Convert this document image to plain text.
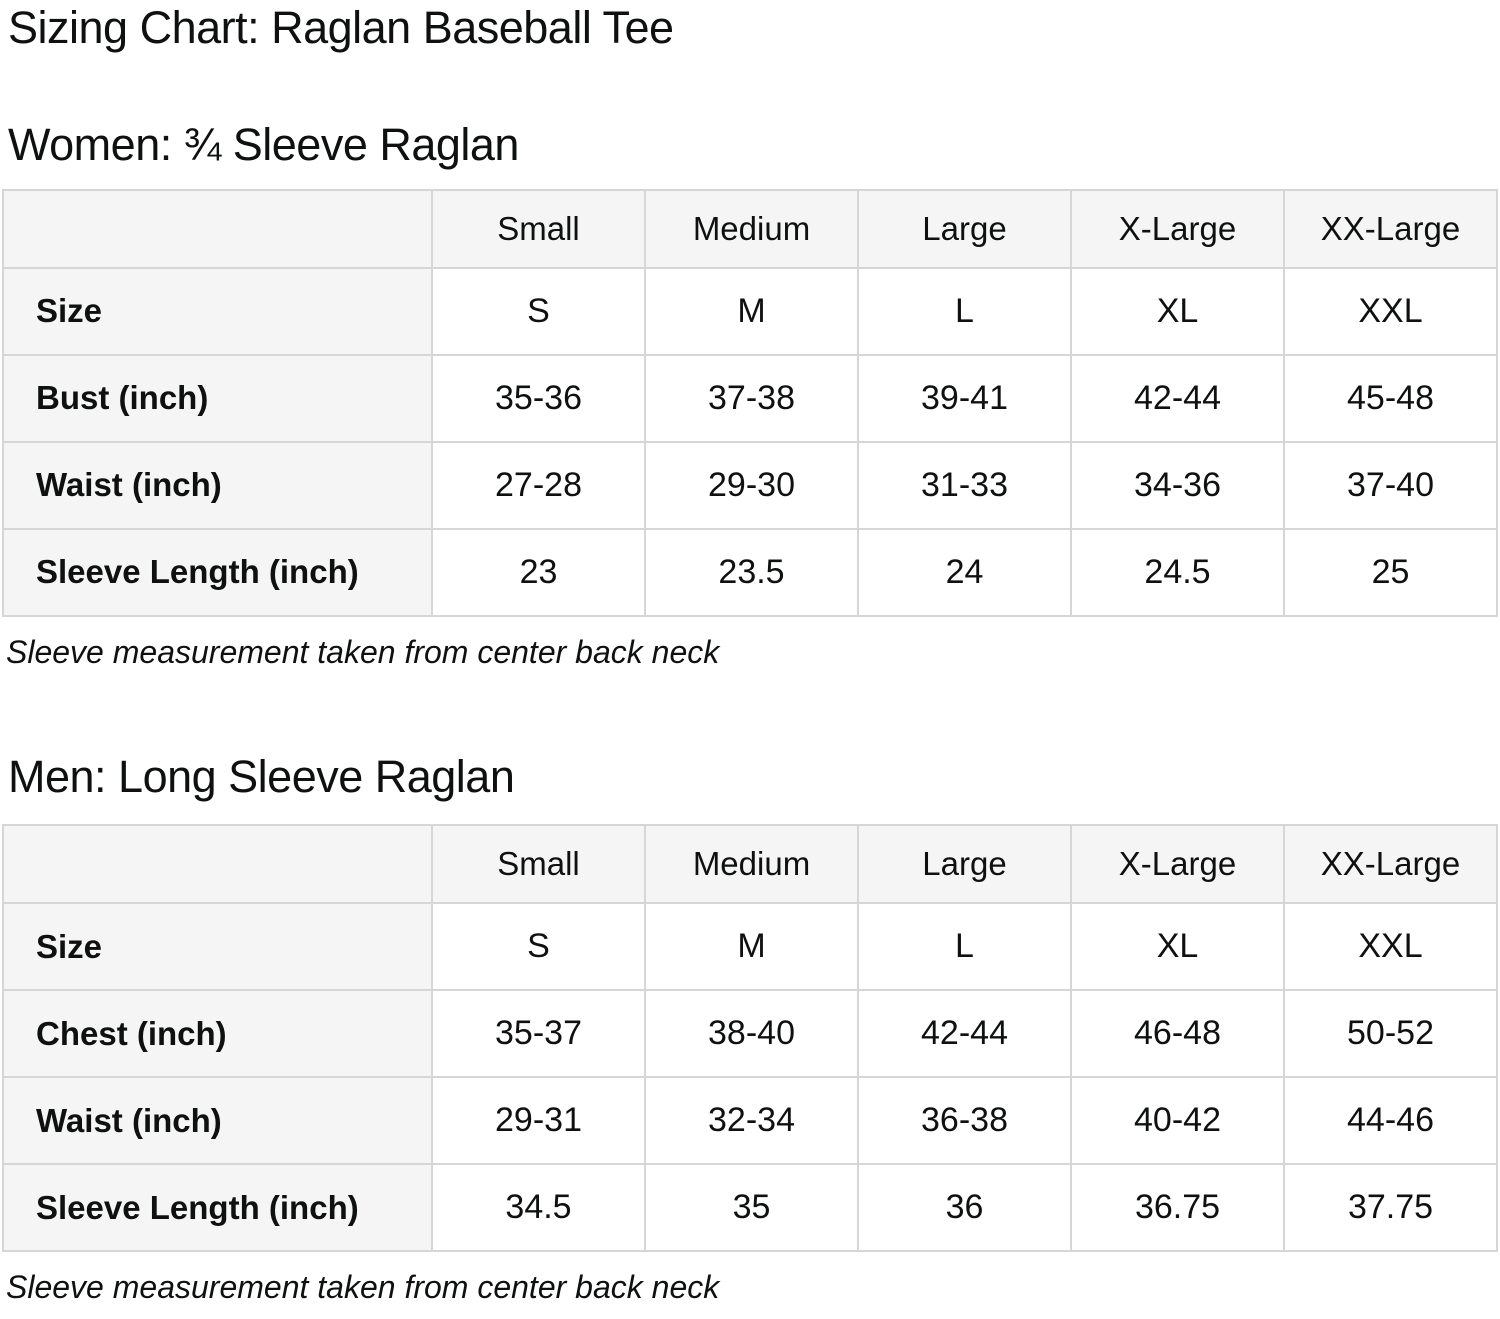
Sizing Chart: Raglan Baseball Tee
Women: ¾ Sleeve Raglan
	Small	Medium	Large	X-Large	XX-Large
Size	S	M	L	XL	XXL
Bust (inch)	35-36	37-38	39-41	42-44	45-48
Waist (inch)	27-28	29-30	31-33	34-36	37-40
Sleeve Length (inch)	23	23.5	24	24.5	25

Sleeve measurement taken from center back neck

Men: Long Sleeve Raglan
	Small	Medium	Large	X-Large	XX-Large
Size	S	M	L	XL	XXL
Chest (inch)	35-37	38-40	42-44	46-48	50-52
Waist (inch)	29-31	32-34	36-38	40-42	44-46
Sleeve Length (inch)	34.5	35	36	36.75	37.75

Sleeve measurement taken from center back neck
